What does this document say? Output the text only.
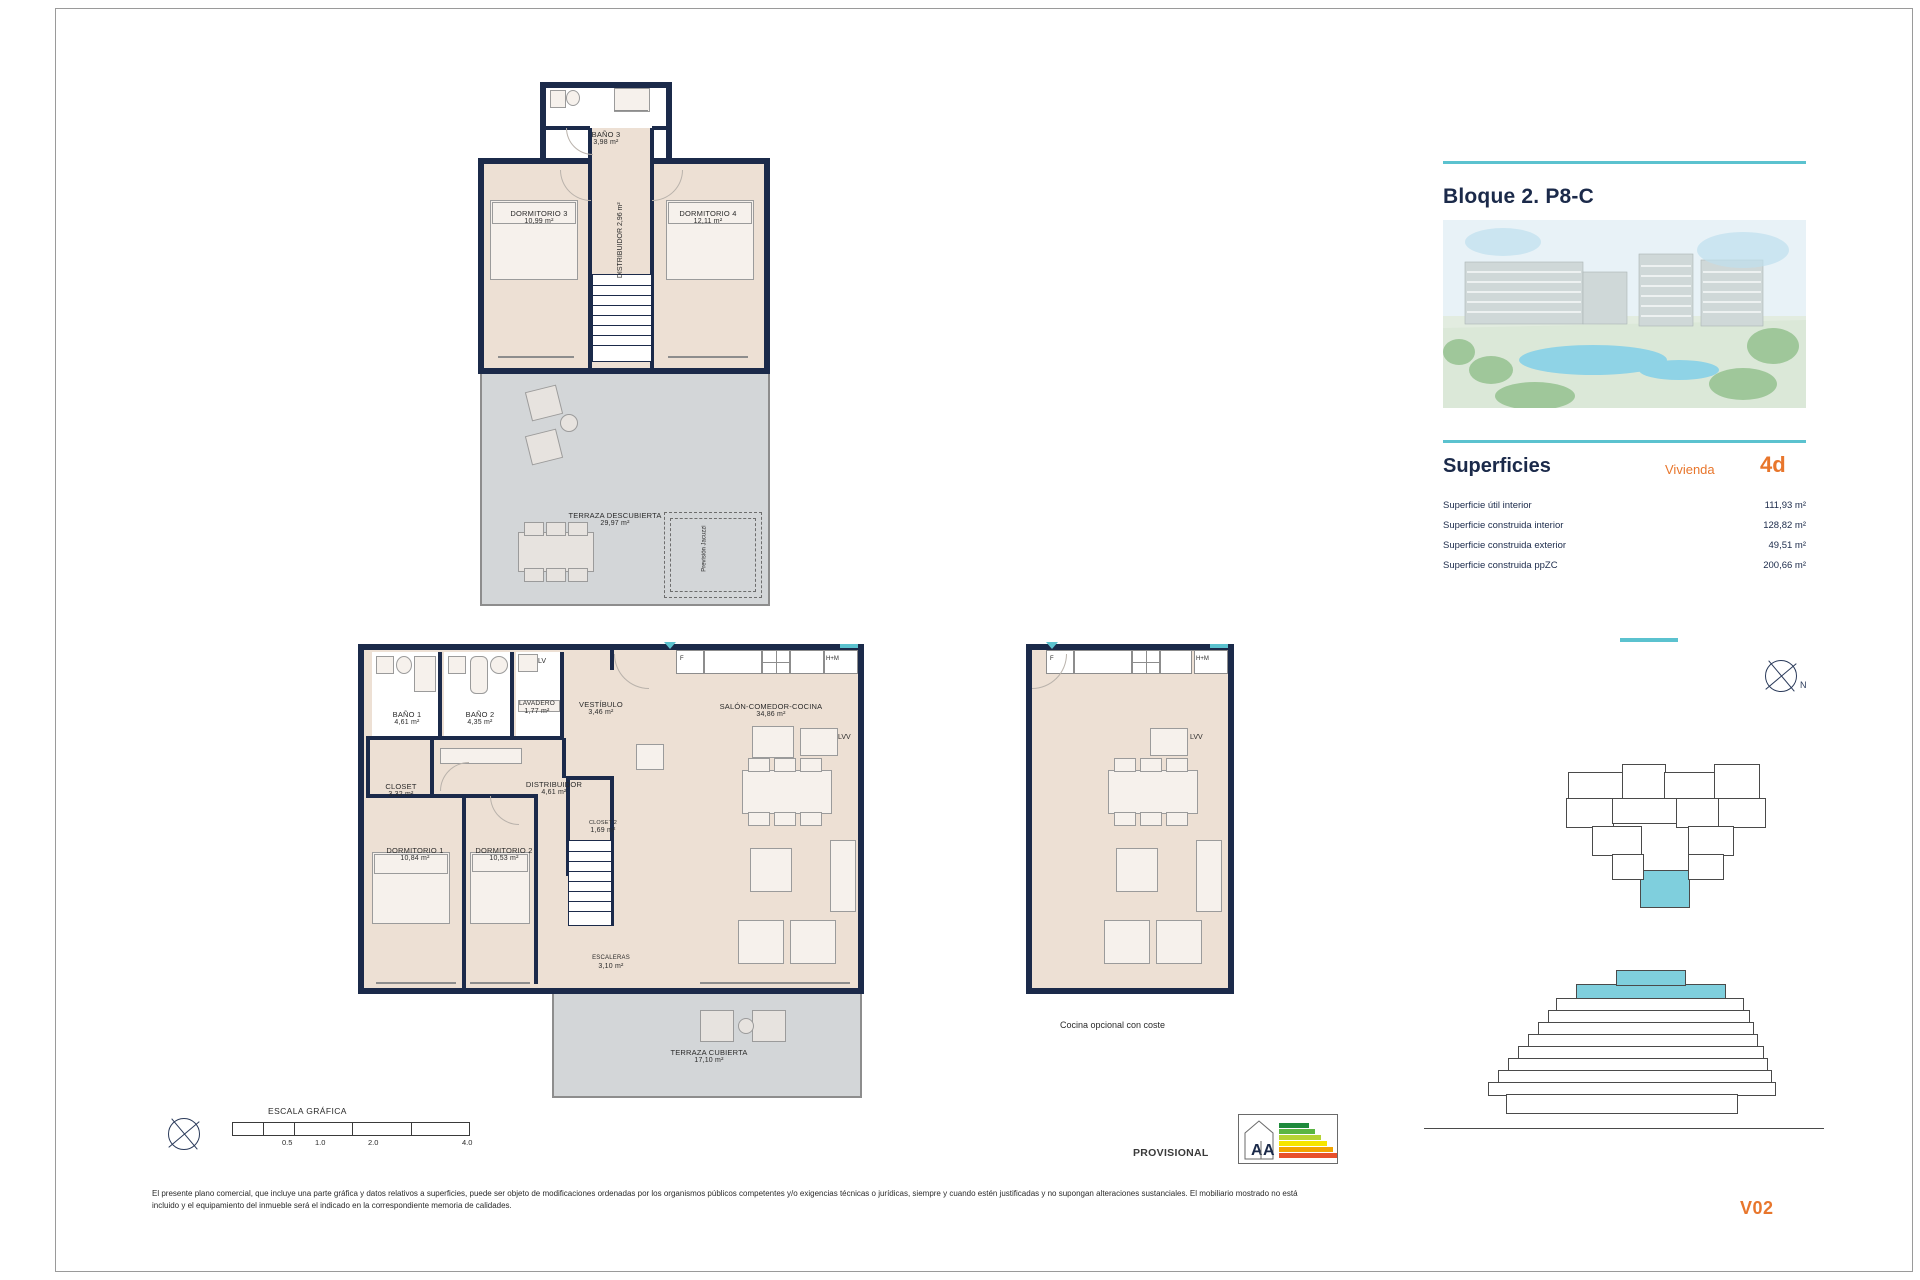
BAÑO 3
3,98 m²
DORMITORIO 3
10,99 m²
DORMITORIO 4
12,11 m²
DISTRIBUIDOR 2,96 m²
TERRAZA DESCUBIERTA
29,97 m²
Previsión Jacuzzi
F	H+M
LVV
LV
BAÑO 1
4,61 m²
BAÑO 2
4,35 m²
LAVADERO
1,77 m²
VESTÍBULO
3,46 m²
SALÓN-COMEDOR-COCINA
34,86 m²
CLOSET
3,32 m²
DISTRIBUIDOR
4,61 m²
DORMITORIO 1
10,84 m²
DORMITORIO 2
10,53 m²
CLOSET 2
1,69 m²
ESCALERAS
3,10 m²
TERRAZA CUBIERTA
17,10 m²
F	H+M
LVV
Cocina opcional con coste
Bloque 2. P8-C
Superficies	Vivienda 4d
Superficie útil interior	111,93 m²
Superficie construida interior	128,82 m²
Superficie construida exterior	49,51 m²
Superficie construida ppZC	200,66 m²
N
V02
ESCALA GRÁFICA
0.5	1.0	2.0	4.0
PROVISIONAL	A A
El presente plano comercial, que incluye una parte gráfica y datos relativos a superficies, puede ser objeto de modificaciones ordenadas por los organismos públicos competentes y/o exigencias técnicas o jurídicas, siempre y cuando estén justificadas y no supongan alteraciones sustanciales. El mobiliario mostrado no está incluido y el equipamiento del inmueble será el indicado en la correspondiente memoria de calidades.
